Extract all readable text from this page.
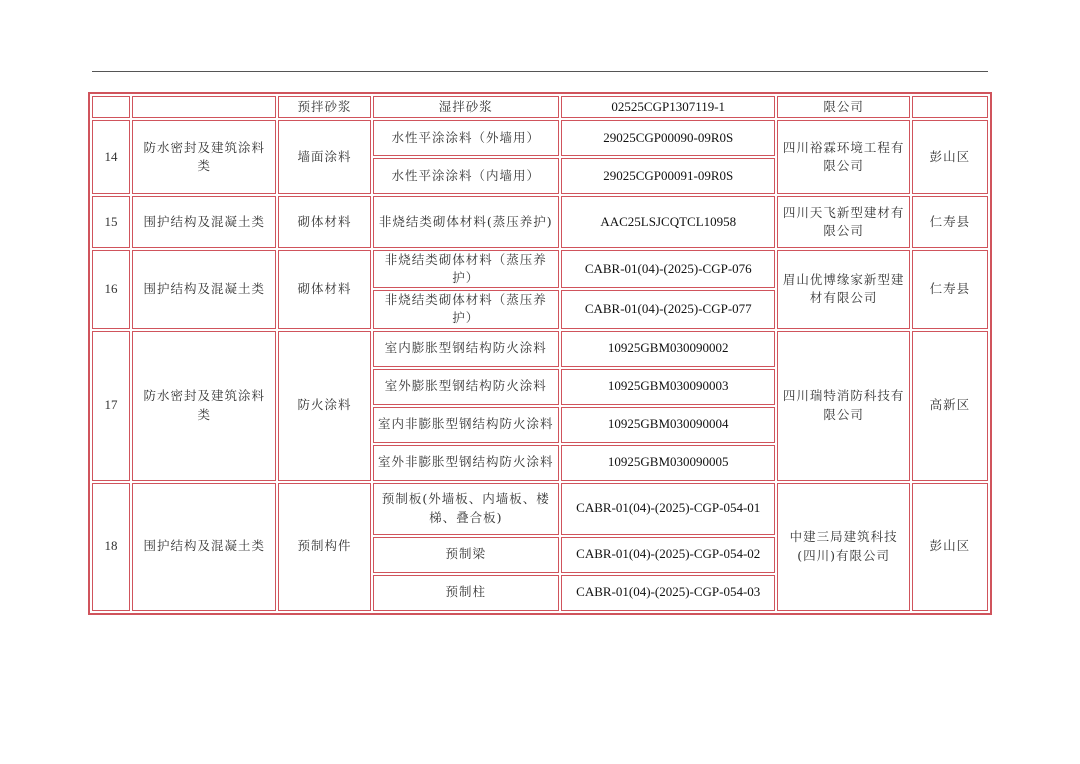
		预拌砂浆	湿拌砂浆	02525CGP1307119-1	限公司	
14	防水密封及建筑涂料类	墙面涂料	水性平涂涂料（外墙用）	29025CGP00090-09R0S	四川裕霖环境工程有限公司	彭山区
			水性平涂涂料（内墙用）	29025CGP00091-09R0S		
15	围护结构及混凝土类	砌体材料	非烧结类砌体材料(蒸压养护)	AAC25LSJCQTCL10958	四川天飞新型建材有限公司	仁寿县
16	围护结构及混凝土类	砌体材料	非烧结类砌体材料（蒸压养护）	CABR-01(04)-(2025)-CGP-076	眉山优博缘家新型建材有限公司	仁寿县
			非烧结类砌体材料（蒸压养护）	CABR-01(04)-(2025)-CGP-077		
17	防水密封及建筑涂料类	防火涂料	室内膨胀型钢结构防火涂料	10925GBM030090002	四川瑞特消防科技有限公司	高新区
			室外膨胀型钢结构防火涂料	10925GBM030090003		
			室内非膨胀型钢结构防火涂料	10925GBM030090004		
			室外非膨胀型钢结构防火涂料	10925GBM030090005		
18	围护结构及混凝土类	预制构件	预制板(外墙板、内墙板、楼梯、叠合板)	CABR-01(04)-(2025)-CGP-054-01	中建三局建筑科技(四川)有限公司	彭山区
			预制梁	CABR-01(04)-(2025)-CGP-054-02		
			预制柱	CABR-01(04)-(2025)-CGP-054-03		
